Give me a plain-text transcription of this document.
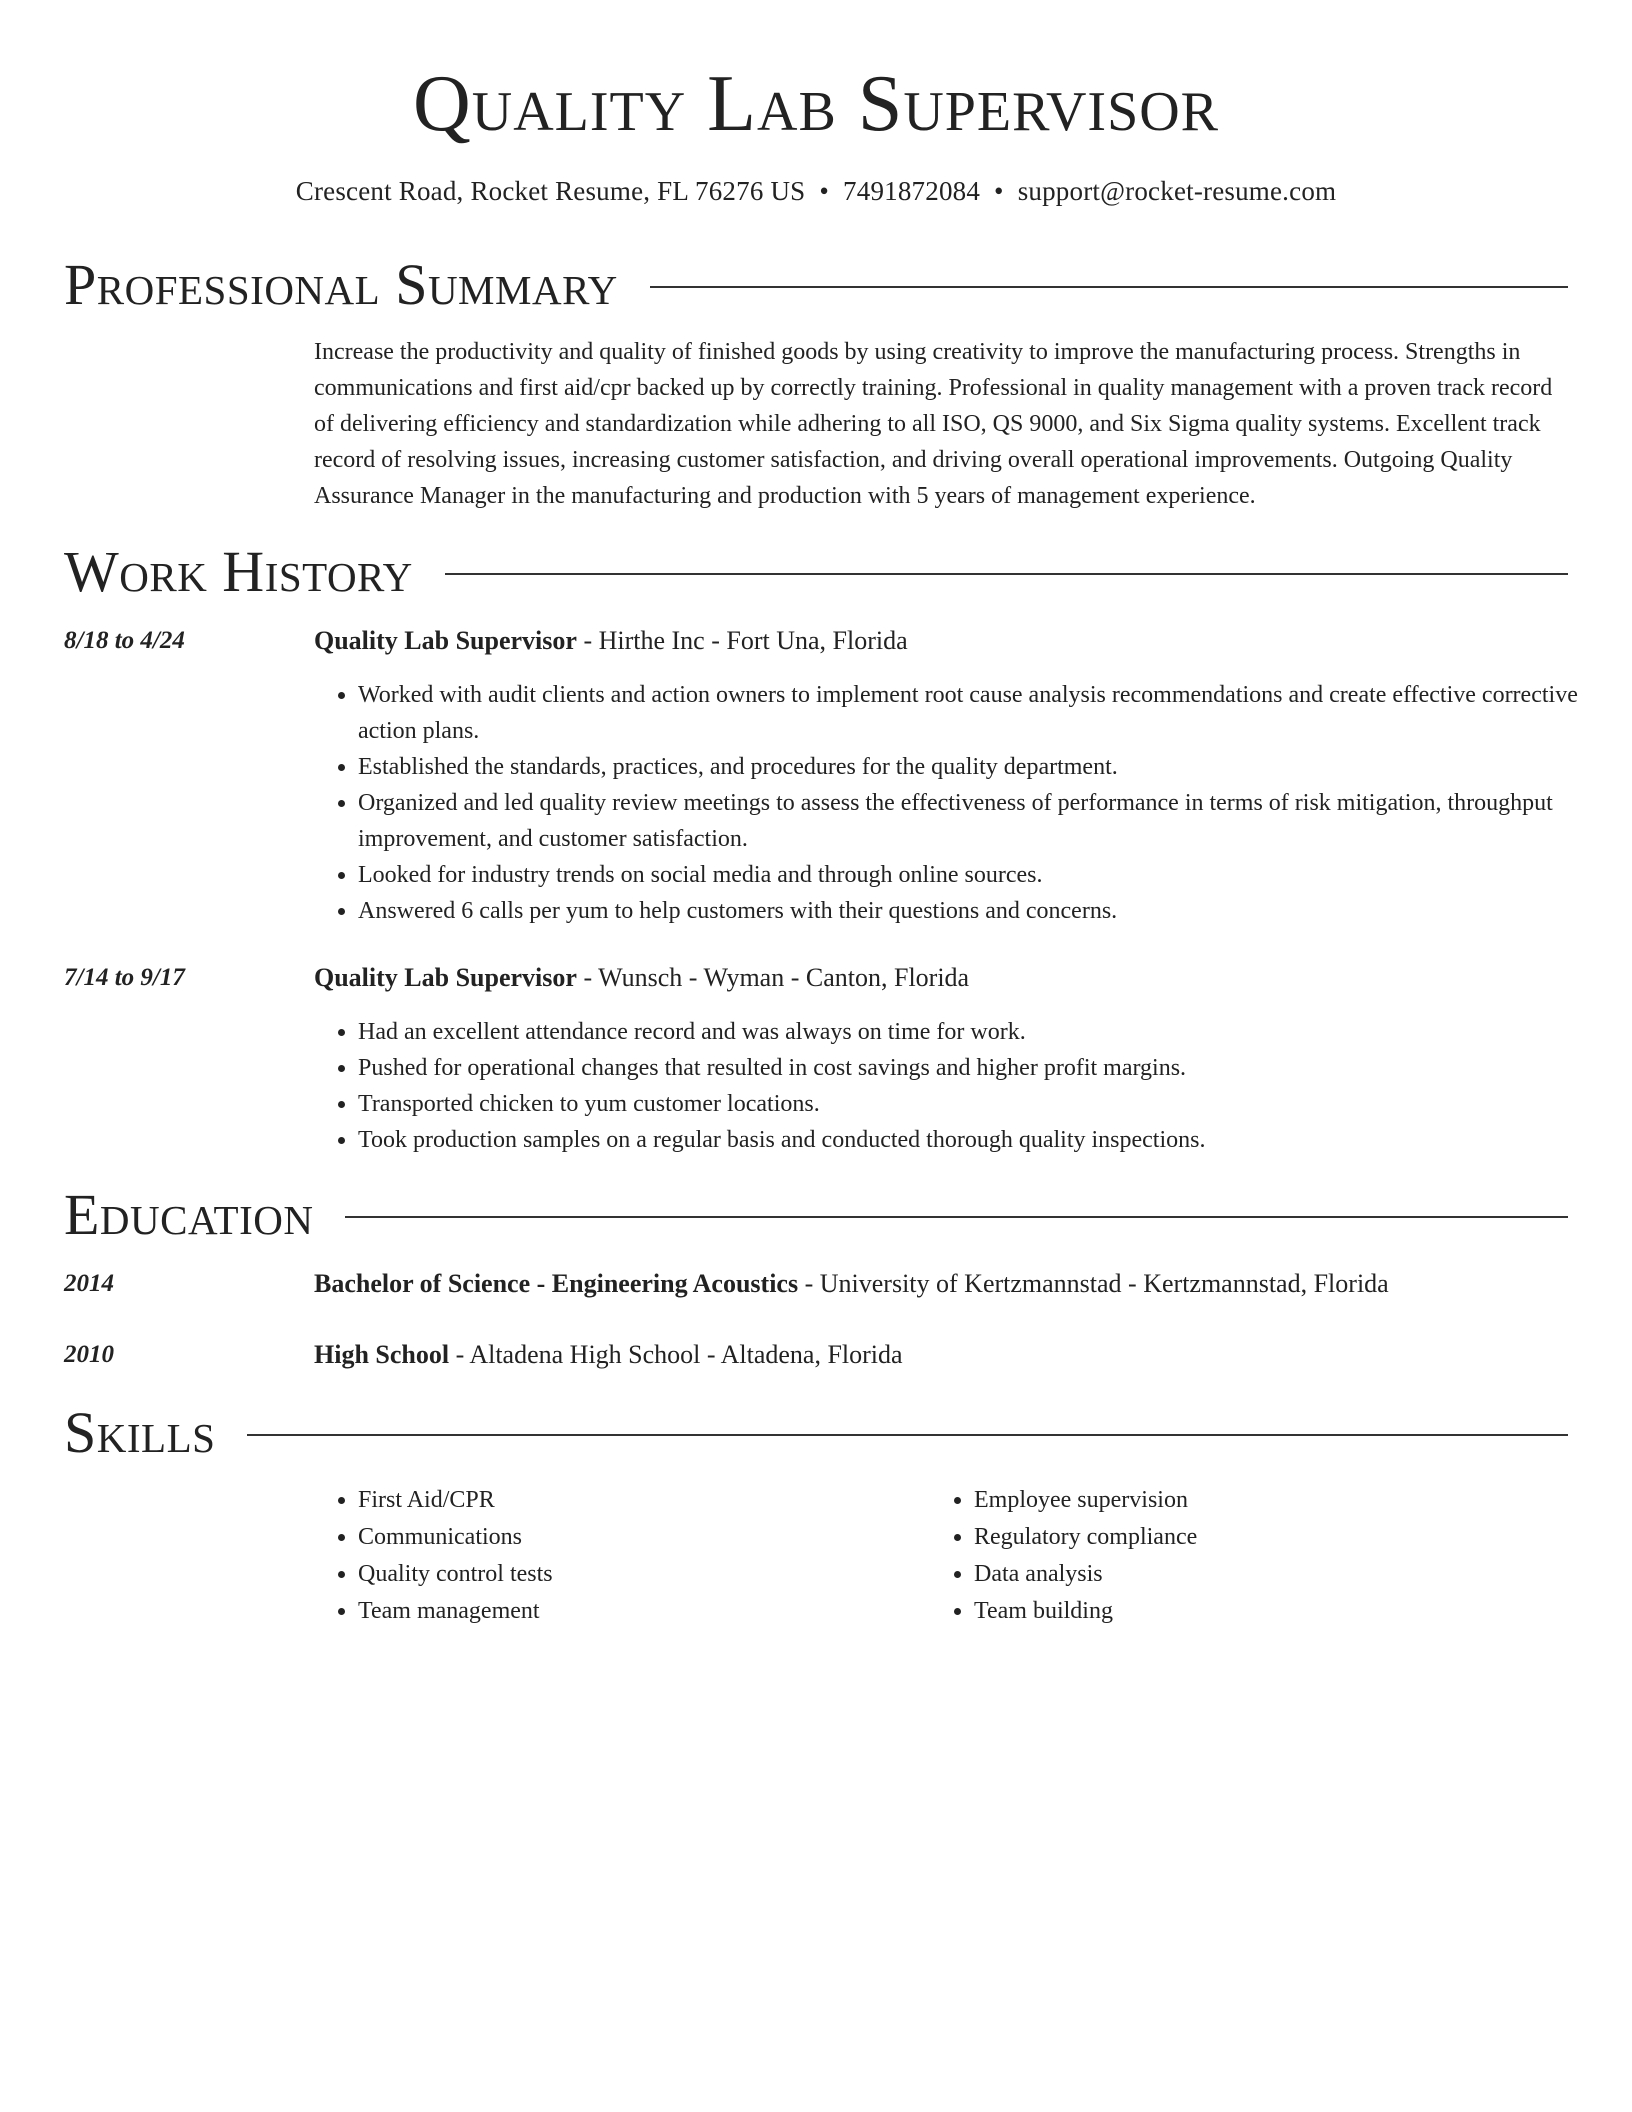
Quality Lab Supervisor
Crescent Road, Rocket Resume, FL 76276 US • 7491872084 • support@rocket-resume.com
Professional Summary

Increase the productivity and quality of finished goods by using creativity to improve the manufacturing process. Strengths in communications and first aid/cpr backed up by correctly training. Professional in quality management with a proven track record of delivering efficiency and standardization while adhering to all ISO, QS 9000, and Six Sigma quality systems. Excellent track record of resolving issues, increasing customer satisfaction, and driving overall operational improvements. Outgoing Quality Assurance Manager in the manufacturing and production with 5 years of management experience.

Work History
8/18 to 4/24	Quality Lab Supervisor - Hirthe Inc - Fort Una, Florida
• Worked with audit clients and action owners to implement root cause analysis recommendations and create effective corrective action plans.
• Established the standards, practices, and procedures for the quality department.
• Organized and led quality review meetings to assess the effectiveness of performance in terms of risk mitigation, throughput improvement, and customer satisfaction.
• Looked for industry trends on social media and through online sources.
• Answered 6 calls per yum to help customers with their questions and concerns.
7/14 to 9/17	Quality Lab Supervisor - Wunsch - Wyman - Canton, Florida
• Had an excellent attendance record and was always on time for work.
• Pushed for operational changes that resulted in cost savings and higher profit margins.
• Transported chicken to yum customer locations.
• Took production samples on a regular basis and conducted thorough quality inspections.
Education
2014	Bachelor of Science - Engineering Acoustics - University of Kertzmannstad - Kertzmannstad, Florida
2010	High School - Altadena High School - Altadena, Florida
Skills
• First Aid/CPR
• Communications
• Quality control tests
• Team management
• Employee supervision
• Regulatory compliance
• Data analysis
• Team building
